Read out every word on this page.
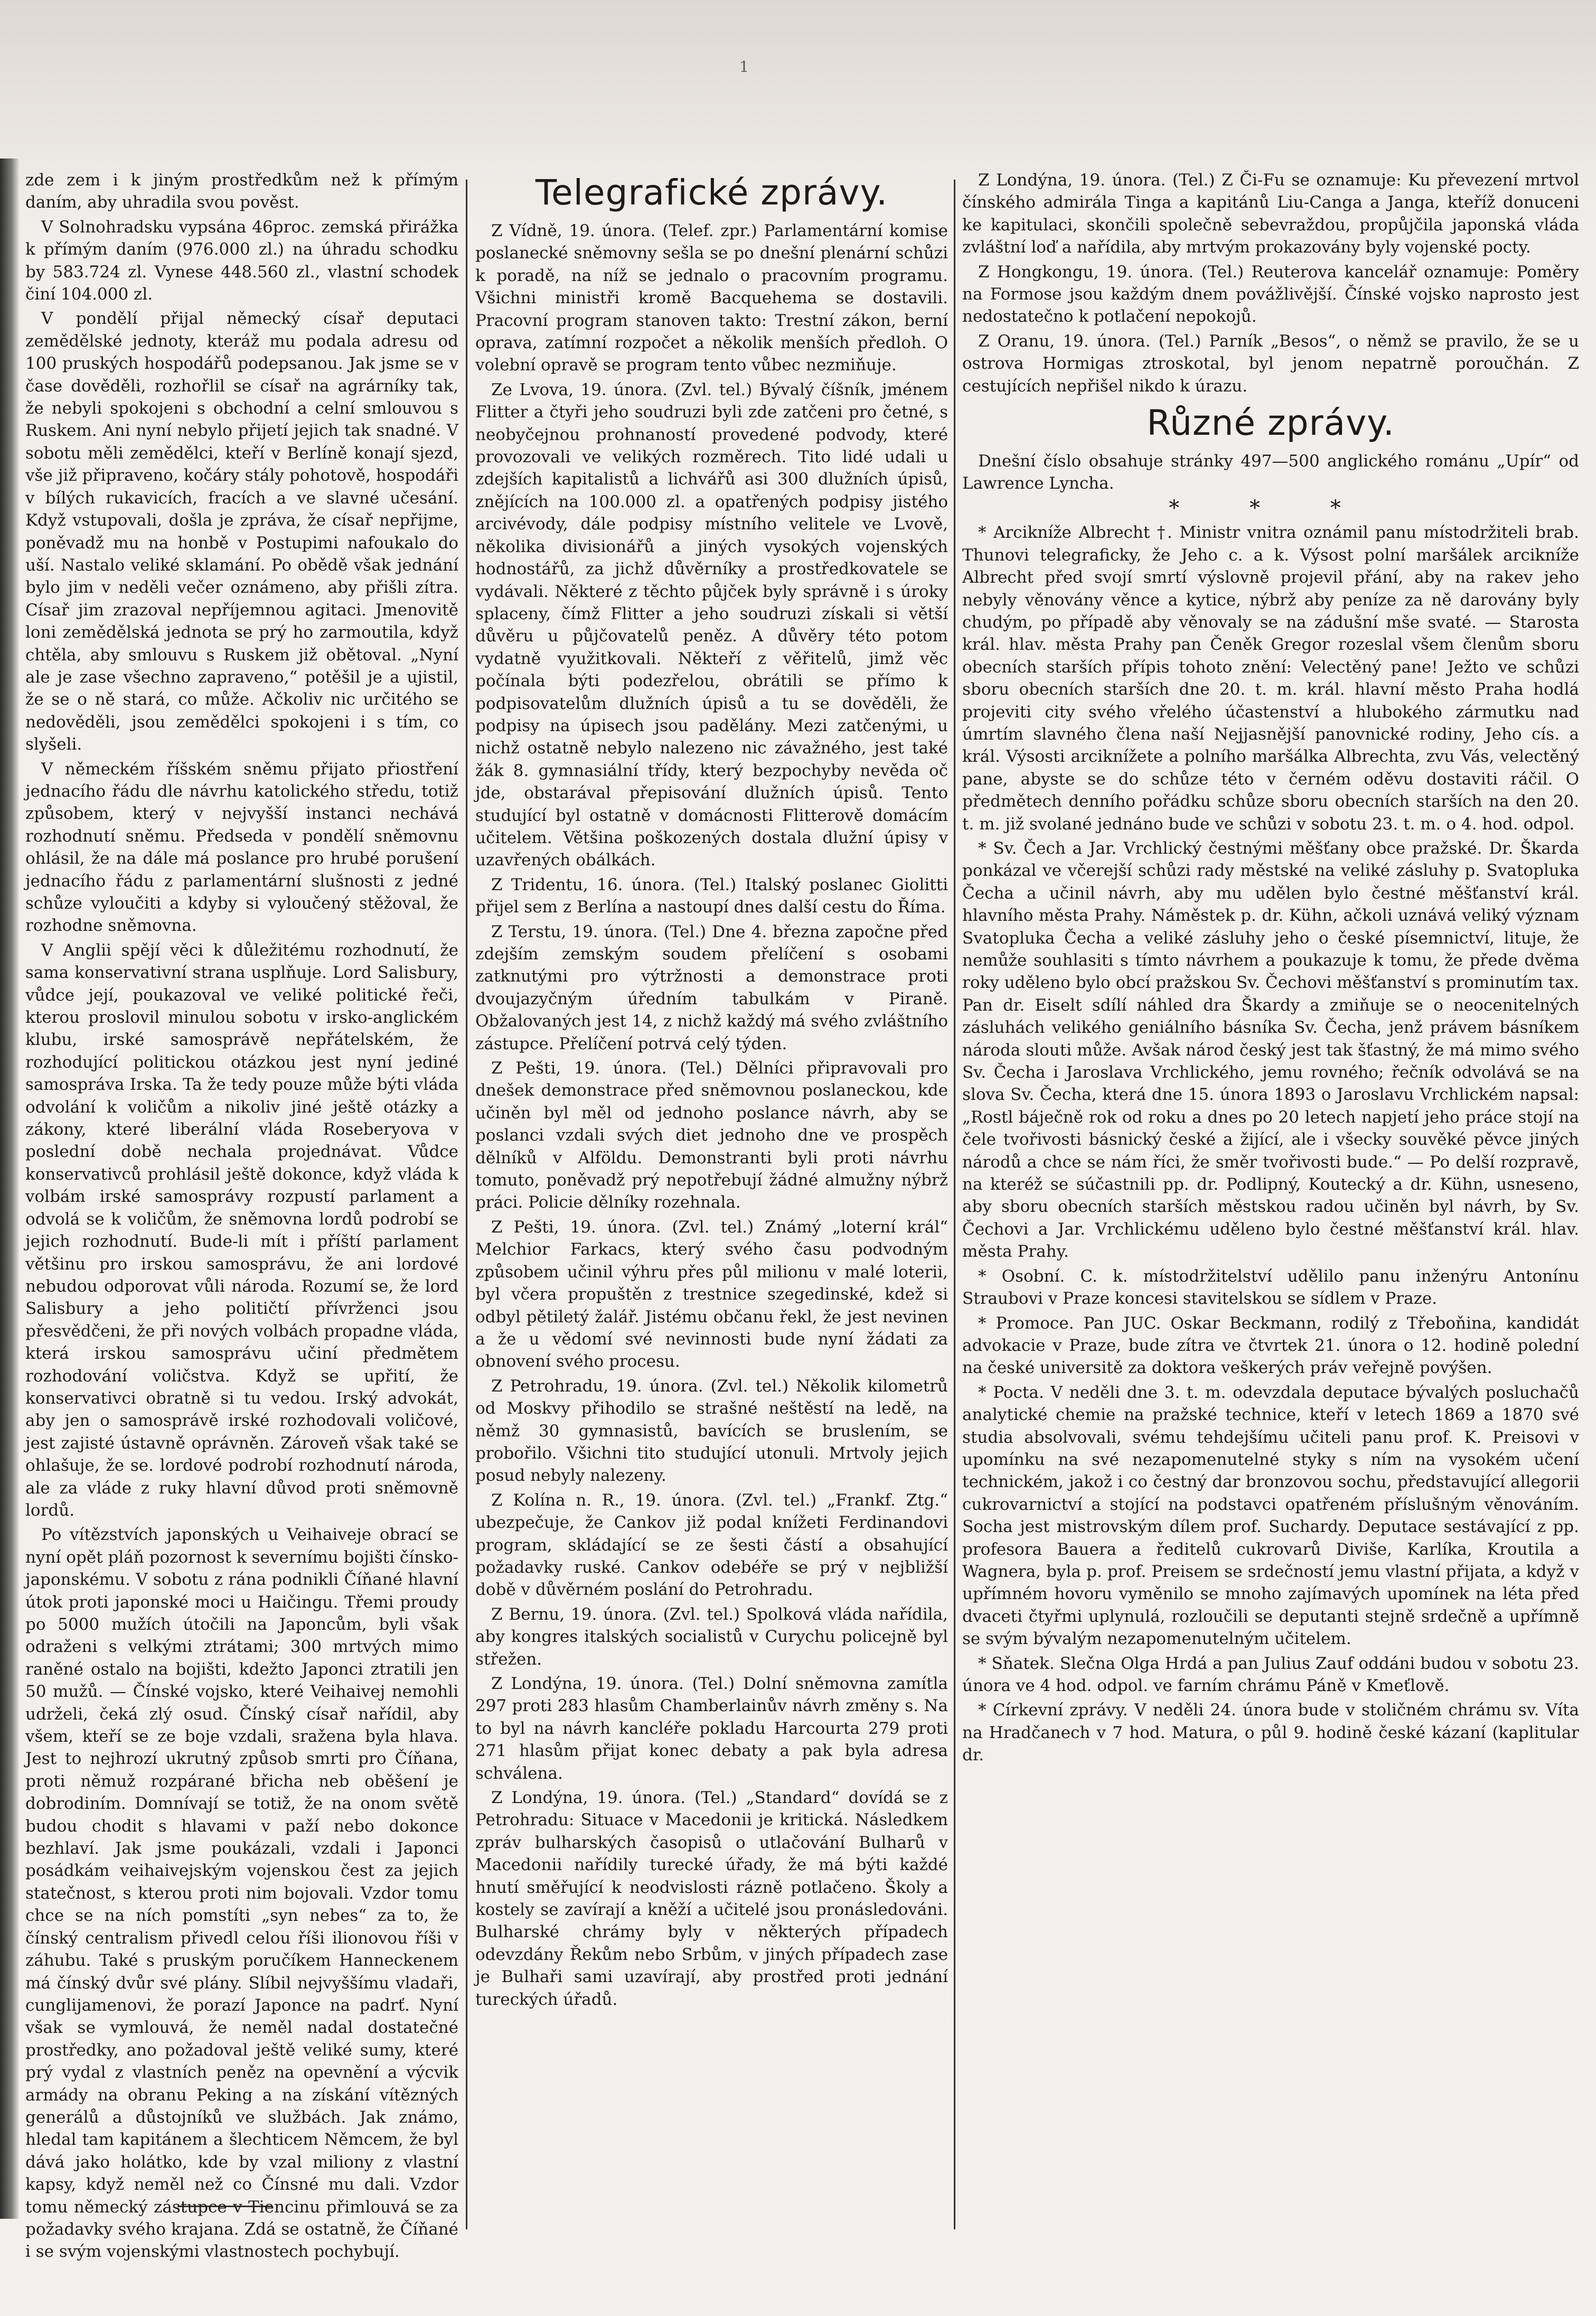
1

zde zem i k jiným prostředkům než k přímým daním, aby uhradila svou pověst.

V Solnohradsku vypsána 46proc. zemská přirážka k přímým daním (976.000 zl.) na úhradu schodku by 583.724 zl. Vynese 448.560 zl., vlastní schodek činí 104.000 zl.

V pondělí přijal německý císař deputaci zemědělské jednoty, kteráž mu podala adresu od 100 pruských hospodářů podepsanou. Jak jsme se v čase dověděli, rozhořlil se císař na agrárníky tak, že nebyli spokojeni s obchodní a celní smlouvou s Ruskem. Ani nyní nebylo přijetí jejich tak snadné. V sobotu měli zemědělci, kteří v Berlíně konají sjezd, vše již připraveno, kočáry stály pohotově, hospodáři v bílých rukavicích, fracích a ve slavné učesání. Když vstupovali, došla je zpráva, že císař nepřijme, poněvadž mu na honbě v Postupimi nafoukalo do uší. Nastalo veliké sklamání. Po obědě však jednání bylo jim v neděli večer oznámeno, aby přišli zítra. Císař jim zrazoval nepříjemnou agitaci. Jmenovitě loni zemědělská jednota se prý ho zarmoutila, když chtěla, aby smlouvu s Ruskem již obětoval. „Nyní ale je zase všechno zapraveno,“ potěšil je a ujistil, že se o ně stará, co může. Ačkoliv nic určitého se nedověděli, jsou zemědělci spokojeni i s tím, co slyšeli.

V německém říšském sněmu přijato přiostření jednacího řádu dle návrhu katolického středu, totiž způsobem, který v nejvyšší instanci nechává rozhodnutí sněmu. Předseda v pondělí sněmovnu ohlásil, že na dále má poslance pro hrubé porušení jednacího řádu z parlamentární slušnosti z jedné schůze vyloučiti a kdyby si vyloučený stěžoval, že rozhodne sněmovna.

V Anglii spějí věci k důležitému rozhodnutí, že sama konservativní strana usplňuje. Lord Salisbury, vůdce její, poukazoval ve veliké politické řeči, kterou proslovil minulou sobotu v irsko-anglickém klubu, irské samosprávě nepřátelském, že rozhodující politickou otázkou jest nyní jediné samospráva Irska. Ta že tedy pouze může býti vláda odvolání k voličům a nikoliv jiné ještě otázky a zákony, které liberální vláda Roseberyova v poslední době nechala projednávat. Vůdce konservativců prohlásil ještě dokonce, když vláda k volbám irské samosprávy rozpustí parlament a odvolá se k voličům, že sněmovna lordů podrobí se jejich rozhodnutí. Bude-li mít i příští parlament většinu pro irskou samosprávu, že ani lordové nebudou odporovat vůli národa. Rozumí se, že lord Salisbury a jeho političtí přívrženci jsou přesvědčeni, že při nových volbách propadne vláda, která irskou samosprávu učiní předmětem rozhodování voličstva. Když se upřití, že konservativci obratně si tu vedou. Irský advokát, aby jen o samosprávě irské rozhodovali voličové, jest zajisté ústavně oprávněn. Zároveň však také se ohlašuje, že se. lordové podrobí rozhodnutí národa, ale za vláde z ruky hlavní důvod proti sněmovně lordů.

Po vítězstvích japonských u Veihaiveje obrací se nyní opět pláň pozornost k severnímu bojišti čínsko-japonskému. V sobotu z rána podnikli Číňané hlavní útok proti japonské moci u Haičingu. Třemi proudy po 5000 mužích útočili na Japoncům, byli však odraženi s velkými ztrátami; 300 mrtvých mimo raněné ostalo na bojišti, kdežto Japonci ztratili jen 50 mužů. — Čínské vojsko, které Veihaivej nemohli udrželi, čeká zlý osud. Čínský císař nařídil, aby všem, kteří se ze boje vzdali, sražena byla hlava. Jest to nejhrozí ukrutný způsob smrti pro Číňana, proti němuž rozpárané břicha neb oběšení je dobrodiním. Domnívají se totiž, že na onom světě budou chodit s hlavami v paží nebo dokonce bezhlaví. Jak jsme poukázali, vzdali i Japonci posádkám veihaivejským vojenskou čest za jejich statečnost, s kterou proti nim bojovali. Vzdor tomu chce se na ních pomstíti „syn nebes“ za to, že čínský centralism přivedl celou říši ilionovou říši v záhubu. Také s pruským poručíkem Hanneckenem má čínský dvůr své plány. Slíbil nejvyššímu vladaři, cunglijamenovi, že porazí Japonce na padrť. Nyní však se vymlouvá, že neměl nadal dostatečné prostředky, ano požadoval ještě veliké sumy, které prý vydal z vlastních peněz na opevnění a výcvik armády na obranu Peking a na získání vítězných generálů a důstojníků ve službách. Jak známo, hledal tam kapitánem a šlechticem Němcem, že byl dává jako holátko, kde by vzal miliony z vlastní kapsy, když neměl než co Čínsné mu dali. Vzdor tomu německý zástupce v Tiencinu přimlouvá se za požadavky svého krajana. Zdá se ostatně, že Číňané i se svým vojenskými vlastnostech pochybují.

Telegrafické zprávy.

Z Vídně, 19. února. (Telef. zpr.) Parlamentární komise poslanecké sněmovny sešla se po dnešní plenární schůzi k poradě, na níž se jednalo o pracovním programu. Všichni ministři kromě Bacquehema se dostavili. Pracovní program stanoven takto: Trestní zákon, berní oprava, zatímní rozpočet a několik menších předloh. O volební opravě se program tento vůbec nezmiňuje.

Ze Lvova, 19. února. (Zvl. tel.) Bývalý číšník, jménem Flitter a čtyři jeho soudruzi byli zde zatčeni pro četné, s neobyčejnou prohnaností provedené podvody, které provozovali ve velikých rozměrech. Tito lidé udali u zdejších kapitalistů a lichvářů asi 300 dlužních úpisů, znějících na 100.000 zl. a opatřených podpisy jistého arcivévody, dále podpisy místního velitele ve Lvově, několika divisionářů a jiných vysokých vojenských hodnostářů, za jichž důvěrníky a prostředkovatele se vydávali. Některé z těchto půjček byly správně i s úroky splaceny, čímž Flitter a jeho soudruzi získali si větší důvěru u půjčovatelů peněz. A důvěry této potom vydatně využitkovali. Někteří z věřitelů, jimž věc počínala býti podezřelou, obrátili se přímo k podpisovatelům dlužních úpisů a tu se dověděli, že podpisy na úpisech jsou padělány. Mezi zatčenými, u nichž ostatně nebylo nalezeno nic závažného, jest také žák 8. gymnasiální třídy, který bezpochyby nevěda oč jde, obstarával přepisování dlužních úpisů. Tento studující byl ostatně v domácnosti Flitterově domácím učitelem. Většina poškozených dostala dlužní úpisy v uzavřených obálkách.

Z Tridentu, 16. února. (Tel.) Italský poslanec Giolitti přijel sem z Berlína a nastoupí dnes další cestu do Říma.

Z Terstu, 19. února. (Tel.) Dne 4. března započne před zdejším zemským soudem přelíčení s osobami zatknutými pro výtržnosti a demonstrace proti dvoujazyčným úředním tabulkám v Piraně. Obžalovaných jest 14, z nichž každý má svého zvláštního zástupce. Přelíčení potrvá celý týden.

Z Pešti, 19. února. (Tel.) Dělníci připravovali pro dnešek demonstrace před sněmovnou poslaneckou, kde učiněn byl měl od jednoho poslance návrh, aby se poslanci vzdali svých diet jednoho dne ve prospěch dělníků v Alföldu. Demonstranti byli proti návrhu tomuto, poněvadž prý nepotřebují žádné almužny nýbrž práci. Policie dělníky rozehnala.

Z Pešti, 19. února. (Zvl. tel.) Známý „loterní král“ Melchior Farkacs, který svého času podvodným způsobem učinil výhru přes půl milionu v malé loterii, byl včera propuštěn z trestnice szegedinské, kdež si odbyl pětiletý žalář. Jistému občanu řekl, že jest nevinen a že u vědomí své nevinnosti bude nyní žádati za obnovení svého procesu.

Z Petrohradu, 19. února. (Zvl. tel.) Několik kilometrů od Moskvy přihodilo se strašné neštěstí na ledě, na němž 30 gymnasistů, bavících se bruslením, se probořilo. Všichni tito studující utonuli. Mrtvoly jejich posud nebyly nalezeny.

Z Kolína n. R., 19. února. (Zvl. tel.) „Frankf. Ztg.“ ubezpečuje, že Cankov již podal knížeti Ferdinandovi program, skládající se ze šesti částí a obsahující požadavky ruské. Cankov odebéře se prý v nejbližší době v důvěrném poslání do Petrohradu.

Z Bernu, 19. února. (Zvl. tel.) Spolková vláda nařídila, aby kongres italských socialistů v Curychu policejně byl střežen.

Z Londýna, 19. února. (Tel.) Dolní sněmovna zamítla 297 proti 283 hlasům Chamberlainův návrh změny s. Na to byl na návrh kancléře pokladu Harcourta 279 proti 271 hlasům přijat konec debaty a pak byla adresa schválena.

Z Londýna, 19. února. (Tel.) „Standard“ dovídá se z Petrohradu: Situace v Macedonii je kritická. Následkem zpráv bulharských časopisů o utlačování Bulharů v Macedonii nařídily turecké úřady, že má býti každé hnutí směřující k neodvislosti rázně potlačeno. Školy a kostely se zavírají a kněží a učitelé jsou pronásledováni. Bulharské chrámy byly v některých případech odevzdány Řekům nebo Srbům, v jiných případech zase je Bulhaři sami uzavírají, aby prostřed proti jednání tureckých úřadů.

Z Londýna, 19. února. (Tel.) Z Či-Fu se oznamuje: Ku převezení mrtvol čínského admirála Tinga a kapitánů Liu-Canga a Janga, kteříž donuceni ke kapitulaci, skončili společně sebevraždou, propůjčila japonská vláda zvláštní loď a nařídila, aby mrtvým prokazovány byly vojenské pocty.

Z Hongkongu, 19. února. (Tel.) Reuterova kancelář oznamuje: Poměry na Formose jsou každým dnem povážlivější. Čínské vojsko naprosto jest nedostatečno k potlačení nepokojů.

Z Oranu, 19. února. (Tel.) Parník „Besos“, o němž se pravilo, že se u ostrova Hormigas ztroskotal, byl jenom nepatrně poroučhán. Z cestujících nepřišel nikdo k úrazu.

Různé zprávy.

Dnešní číslo obsahuje stránky 497—500 anglického románu „Upír“ od Lawrence Lyncha.

* * *

* Arcikníže Albrecht †. Ministr vnitra oznámil panu místodržiteli brab. Thunovi telegraficky, že Jeho c. a k. Výsost polní maršálek arcikníže Albrecht před svojí smrtí výslovně projevil přání, aby na rakev jeho nebyly věnovány věnce a kytice, nýbrž aby peníze za ně darovány byly chudým, po případě aby věnovaly se na zádušní mše svaté. — Starosta král. hlav. města Prahy pan Čeněk Gregor rozeslal všem členům sboru obecních starších přípis tohoto znění: Velectěný pane! Ježto ve schůzi sboru obecních starších dne 20. t. m. král. hlavní město Praha hodlá projeviti city svého vřelého účastenství a hlubokého zármutku nad úmrtím slavného člena naší Nejjasnější panovnické rodiny, Jeho cís. a král. Výsosti arciknížete a polního maršálka Albrechta, zvu Vás, velectěný pane, abyste se do schůze této v černém oděvu dostaviti ráčil. O předmětech denního pořádku schůze sboru obecních starších na den 20. t. m. již svolané jednáno bude ve schůzi v sobotu 23. t. m. o 4. hod. odpol.

* Sv. Čech a Jar. Vrchlický čestnými měšťany obce pražské. Dr. Škarda ponkázal ve včerejší schůzi rady městské na veliké zásluhy p. Svatopluka Čecha a učinil návrh, aby mu udělen bylo čestné měšťanství král. hlavního města Prahy. Náměstek p. dr. Kühn, ačkoli uznává veliký význam Svatopluka Čecha a veliké zásluhy jeho o české písemnictví, lituje, že nemůže souhlasiti s tímto návrhem a poukazuje k tomu, že přede dvěma roky uděleno bylo obcí pražskou Sv. Čechovi měšťanství s prominutím tax. Pan dr. Eiselt sdílí náhled dra Škardy a zmiňuje se o neocenitelných zásluhách velikého geniálního básníka Sv. Čecha, jenž právem básníkem národa slouti může. Avšak národ český jest tak šťastný, že má mimo svého Sv. Čecha i Jaroslava Vrchlického, jemu rovného; řečník odvolává se na slova Sv. Čecha, která dne 15. února 1893 o Jaroslavu Vrchlickém napsal: „Rostl báječně rok od roku a dnes po 20 letech napjetí jeho práce stojí na čele tvořivosti básnický české a žijící, ale i všecky souvěké pěvce jiných národů a chce se nám říci, že směr tvořivosti bude.“ — Po delší rozpravě, na kteréž se súčastnili pp. dr. Podlipný, Koutecký a dr. Kühn, usneseno, aby sboru obecních starších městskou radou učiněn byl návrh, by Sv. Čechovi a Jar. Vrchlickému uděleno bylo čestné měšťanství král. hlav. města Prahy.

* Osobní. C. k. místodržitelství udělilo panu inženýru Antonínu Straubovi v Praze koncesi stavitelskou se sídlem v Praze.

* Promoce. Pan JUC. Oskar Beckmann, rodilý z Třeboňina, kandidát advokacie v Praze, bude zítra ve čtvrtek 21. února o 12. hodině polední na české universitě za doktora veškerých práv veřejně povýšen.

* Pocta. V neděli dne 3. t. m. odevzdala deputace bývalých posluchačů analytické chemie na pražské technice, kteří v letech 1869 a 1870 své studia absolvovali, svému tehdejšímu učiteli panu prof. K. Preisovi v upomínku na své nezapomenutelné styky s ním na vysokém učení technickém, jakož i co čestný dar bronzovou sochu, představující allegorii cukrovarnictví a stojící na podstavci opatřeném příslušným věnováním. Socha jest mistrovským dílem prof. Suchardy. Deputace sestávající z pp. profesora Bauera a ředitelů cukrovarů Diviše, Karlíka, Kroutila a Wagnera, byla p. prof. Preisem se srdečností jemu vlastní přijata, a když v upřímném hovoru vyměnilo se mnoho zajímavých upomínek na léta před dvaceti čtyřmi uplynulá, rozloučili se deputanti stejně srdečně a upřímně se svým bývalým nezapomenutelným učitelem.

* Sňatek. Slečna Olga Hrdá a pan Julius Zauf oddáni budou v sobotu 23. února ve 4 hod. odpol. ve farním chrámu Páně v Kmeťlově.

* Církevní zprávy. V neděli 24. února bude v stoličném chrámu sv. Víta na Hradčanech v 7 hod. Matura, o půl 9. hodině české kázaní (kaplitular dr.
